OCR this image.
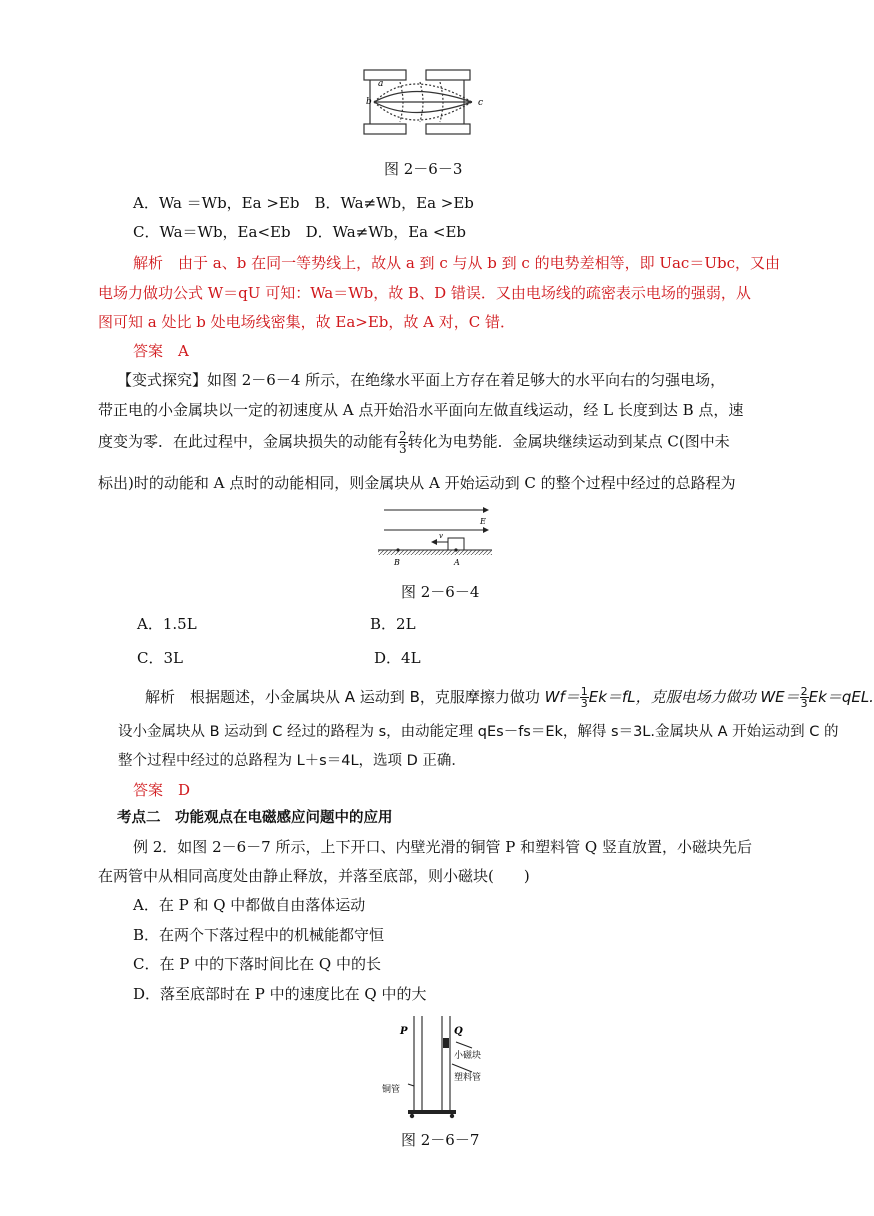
a
b	c
图 2－6－3
A．Wa ＝Wb，Ea >Eb　B．Wa≠Wb，Ea >Eb
C．Wa＝Wb，Ea<Eb　D．Wa≠Wb，Ea <Eb
解析　由于 a、b 在同一等势线上，故从 a 到 c 与从 b 到 c 的电势差相等，即 Uac＝Ubc，又由
电场力做功公式 W＝qU 可知：Wa＝Wb，故 B、D 错误．又由电场线的疏密表示电场的强弱，从
图可知 a 处比 b 处电场线密集，故 Ea>Eb，故 A 对，C 错．
答案　A
【变式探究】如图 2－6－4 所示，在绝缘水平面上方存在着足够大的水平向右的匀强电场，
带正电的小金属块以一定的初速度从 A 点开始沿水平面向左做直线运动，经 L 长度到达 B 点，速
度变为零．在此过程中，金属块损失的动能有 $\frac{2}{3}$ 转化为电势能．金属块继续运动到某点 C(图中未
标出)时的动能和 A 点时的动能相同，则金属块从 A 开始运动到 C 的整个过程中经过的总路程为
E
v
B	A
图 2－6－4
A．1.5L	B．2L
C．3L	D．4L
解析　根据题述，小金属块从 A 运动到 B，克服摩擦力做功 $Wf= \frac{1}{3} Ek=fL$，克服电场力做功 $WE= \frac{2}{3} Ek=qEL$.
设小金属块从 B 运动到 C 经过的路程为 s，由动能定理 qEs－fs＝Ek，解得 s＝3L.金属块从 A 开始运动到 C 的
整个过程中经过的总路程为 L＋s＝4L，选项 D 正确．
答案　D
考点二　功能观点在电磁感应问题中的应用
例 2．如图 2－6－7 所示，上下开口、内壁光滑的铜管 P 和塑料管 Q 竖直放置，小磁块先后
在两管中从相同高度处由静止释放，并落至底部，则小磁块(　　)
A．在 P 和 Q 中都做自由落体运动
B．在两个下落过程中的机械能都守恒
C．在 P 中的下落时间比在 Q 中的长
D．落至底部时在 P 中的速度比在 Q 中的大
P	Q
小磁块
塑料管
铜管
图 2－6－7
